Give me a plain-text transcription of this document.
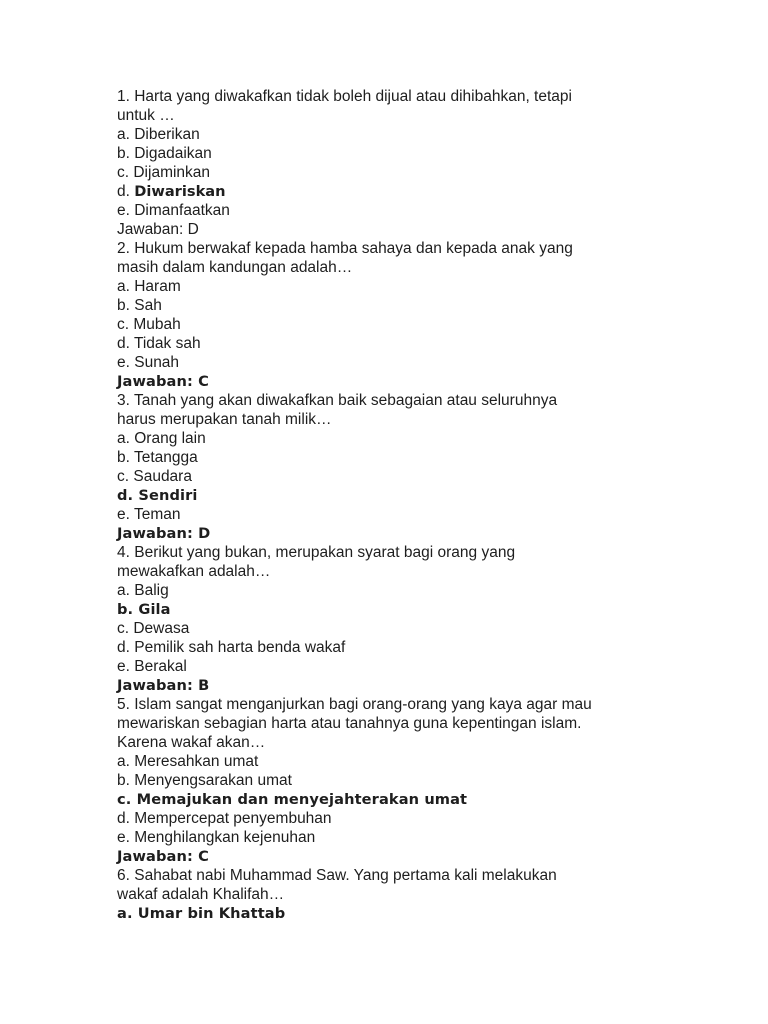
1. Harta yang diwakafkan tidak boleh dijual atau dihibahkan, tetapi
untuk …
a. Diberikan
b. Digadaikan
c. Dijaminkan
d. Diwariskan
e. Dimanfaatkan
Jawaban: D
2. Hukum berwakaf kepada hamba sahaya dan kepada anak yang
masih dalam kandungan adalah…
a. Haram
b. Sah
c. Mubah
d. Tidak sah
e. Sunah
Jawaban: C
3. Tanah yang akan diwakafkan baik sebagaian atau seluruhnya
harus merupakan tanah milik…
a. Orang lain
b. Tetangga
c. Saudara
d. Sendiri
e. Teman
Jawaban: D
4. Berikut yang bukan, merupakan syarat bagi orang yang
mewakafkan adalah…
a. Balig
b. Gila
c. Dewasa
d. Pemilik sah harta benda wakaf
e. Berakal
Jawaban: B
5. Islam sangat menganjurkan bagi orang-orang yang kaya agar mau
mewariskan sebagian harta atau tanahnya guna kepentingan islam.
Karena wakaf akan…
a. Meresahkan umat
b. Menyengsarakan umat
c. Memajukan dan menyejahterakan umat
d. Mempercepat penyembuhan
e. Menghilangkan kejenuhan
Jawaban: C
6. Sahabat nabi Muhammad Saw. Yang pertama kali melakukan
wakaf adalah Khalifah…
a. Umar bin Khattab
